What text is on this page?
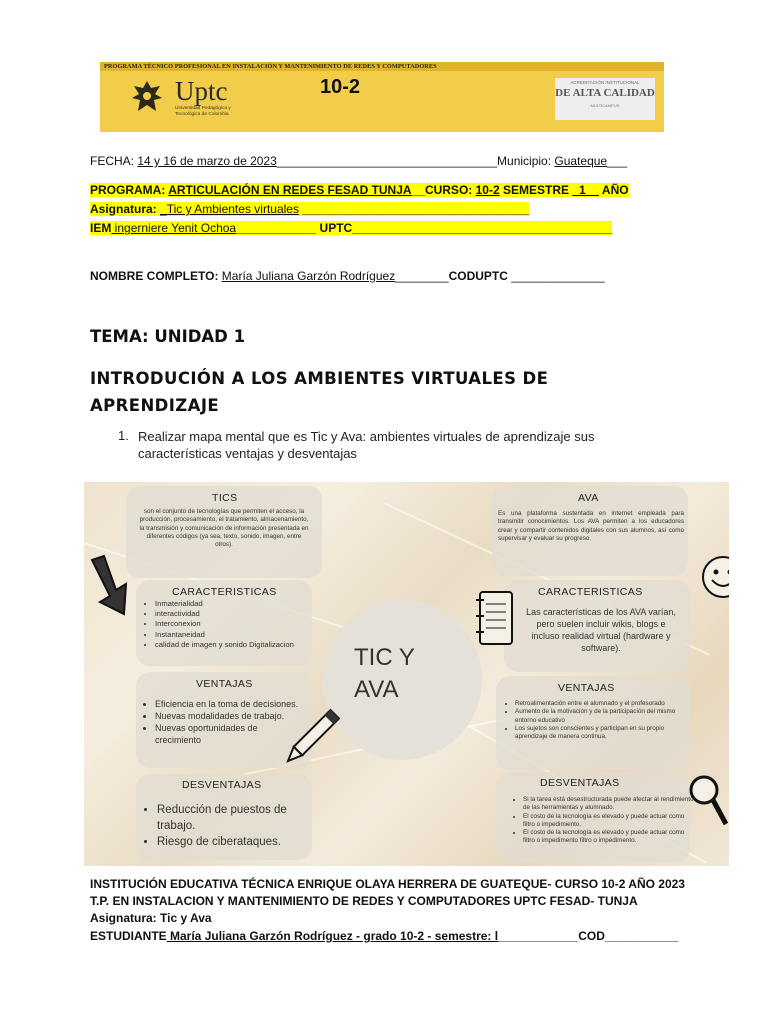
PROGRAMA TÉCNICO PROFESIONAL EN INSTALACIÓN Y MANTENIMIENTO DE REDES Y COMPUTADORES
Uptc
Universidad Pedagógica y
Tecnológica de Colombia
10-2	ACREDITACIÓN INSTITUCIONAL
DE ALTA CALIDAD
MULTICAMPUS
FECHA: 14 y 16 de marzo de 2023_________________________________Municipio: Guateque___
PROGRAMA: ARTICULACIÓN EN REDES FESAD TUNJA__CURSO: 10-2 SEMESTRE _1__ AÑO
Asignatura: _Tic y Ambientes virtuales __________________________________
IEM ingerniere Yenit Ochoa____________ UPTC_______________________________________
NOMBRE COMPLETO: María Juliana Garzón Rodríguez________CODUPTC ______________
TEMA: UNIDAD 1
INTRODUCIÓN A LOS AMBIENTES VIRTUALES DE
APRENDIZAJE
1. Realizar mapa mental que es Tic y Ava: ambientes virtuales de aprendizaje sus
características ventajas y desventajas
TICS
son el conjunto de tecnologías que permiten el acceso, la producción, procesamiento, el tratamiento, almacenamiento, la transmisión y comunicación de información presentada en diferentes códigos (ya sea, texto, sonido, imagen, entre otros).
CARACTERISTICAS
• Inmaterialidad
• interactividad
• Interconexion
• Instantaneidad
• calidad de imagen y sonido Digitalizacion
VENTAJAS
• Eficiencia en la toma de decisiones.
• Nuevas modalidades de trabajo.
• Nuevas oportunidades de crecimiento
DESVENTAJAS
• Reducción de puestos de trabajo.
• Riesgo de ciberataques.
TIC Y
AVA
AVA
Es una plataforma sustentada en internet empleada para transmitir conocimientos. Los AVA permiten a los educadores crear y compartir contenidos digitales con sus alumnos, así como supervisar y evaluar su progreso.
CARACTERISTICAS
Las características de los AVA varían, pero suelen incluir wikis, blogs e incluso realidad virtual (hardware y software).
VENTAJAS
• Retroalimentación entre el alumnado y el profesorado
• Aumento de la motivación y de la participación del mismo entorno educativo
• Los sujetos son conscientes y participan en su propio aprendizaje de manera continua.
DESVENTAJAS
• Si la tarea está desestructurada puede afectar al rendimiento de las herramientas y alumnado.
• El costo de la tecnología es elevado y puede actuar como filtro o impedimiento.
• El costo de la tecnología es elevado y puede actuar como filtro o impedimento filtro o impedimento.
INSTITUCIÓN EDUCATIVA TÉCNICA ENRIQUE OLAYA HERRERA DE GUATEQUE- CURSO 10-2 AÑO 2023
T.P. EN INSTALACION Y MANTENIMIENTO DE REDES Y COMPUTADORES UPTC FESAD- TUNJA
Asignatura: Tic y Ava
ESTUDIANTE María Juliana Garzón Rodríguez - grado 10-2 - semestre: l____________COD___________
